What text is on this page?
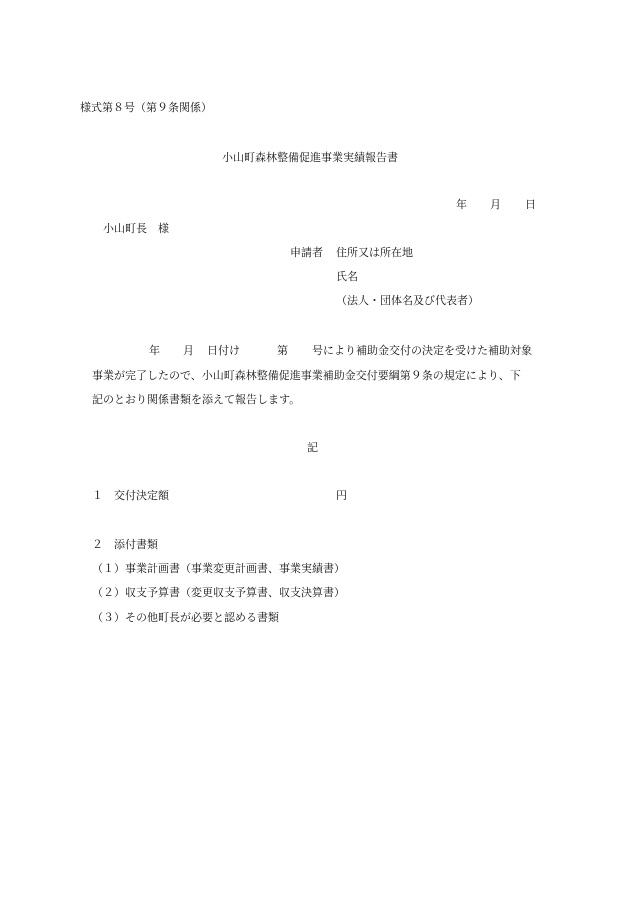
様式第８号（第９条関係）
小山町森林整備促進事業実績報告書
年 月 日
小山町長　様
申請者 住所又は所在地
氏名
（法人・団体名及び代表者）
年 月 日付け	第 号により補助金交付の決定を受けた補助対象
事業が完了したので、小山町森林整備促進事業補助金交付要綱第９条の規定により、下
記のとおり関係書類を添えて報告します。
記
１　交付決定額	円
２　添付書類
（１）事業計画書（事業変更計画書、事業実績書）
（２）収支予算書（変更収支予算書、収支決算書）
（３）その他町長が必要と認める書類
